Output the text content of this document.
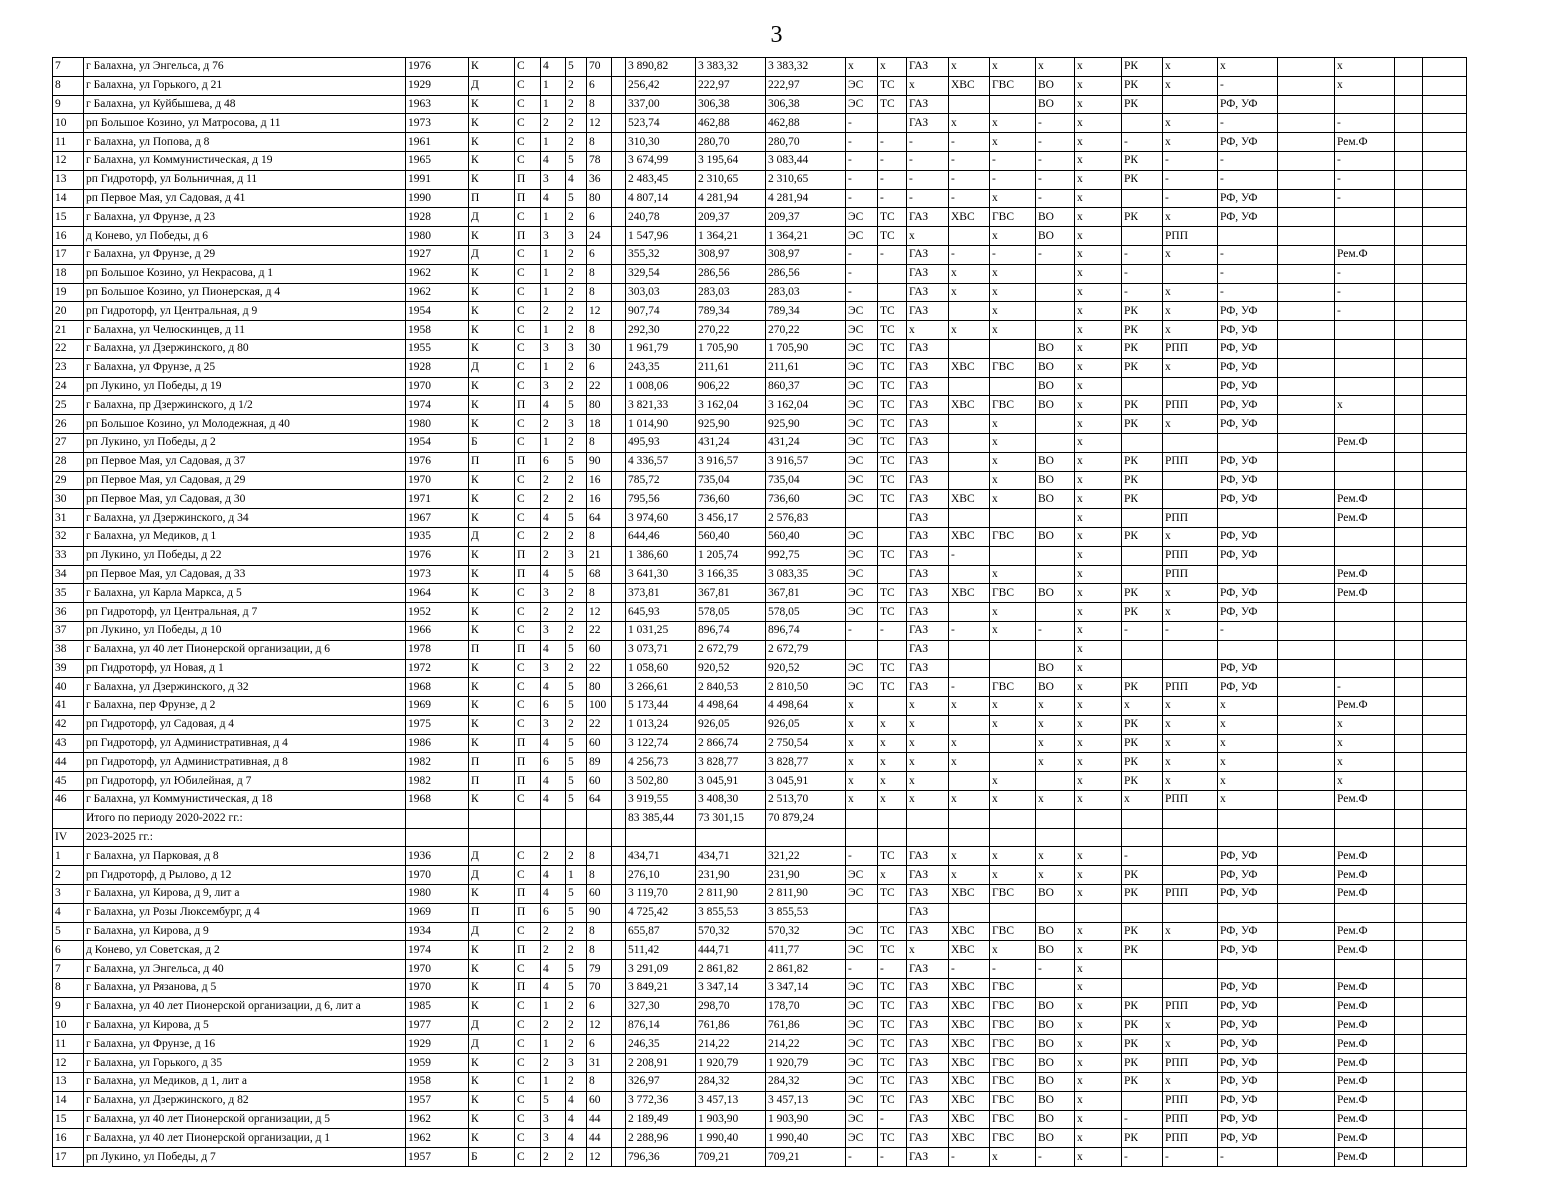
3
7	г Балахна, ул Энгельса, д 76	1976	К	С	4	5	70		3 890,82	3 383,32	3 383,32	х	х	ГАЗ	х	х	х	х	РК	х	х		х		
8	г Балахна, ул Горького, д 21	1929	Д	С	1	2	6		256,42	222,97	222,97	ЭС	ТС	х	ХВС	ГВС	ВО	х	РК	х	-		х		
9	г Балахна, ул Куйбышева, д 48	1963	К	С	1	2	8		337,00	306,38	306,38	ЭС	ТС	ГАЗ			ВО	х	РК		РФ, УФ				
10	рп Большое Козино, ул Матросова, д 11	1973	К	С	2	2	12		523,74	462,88	462,88	-		ГАЗ	х	х	-	х		х	-		-		
11	г Балахна, ул Попова, д 8	1961	К	С	1	2	8		310,30	280,70	280,70	-	-	-	-	х	-	х	-	х	РФ, УФ		Рем.Ф		
12	г Балахна, ул Коммунистическая, д 19	1965	К	С	4	5	78		3 674,99	3 195,64	3 083,44	-	-	-	-	-	-	х	РК	-	-		-		
13	рп Гидроторф, ул Больничная, д 11	1991	К	П	3	4	36		2 483,45	2 310,65	2 310,65	-	-	-	-	-	-	х	РК	-	-		-		
14	рп Первое Мая, ул Садовая, д 41	1990	П	П	4	5	80		4 807,14	4 281,94	4 281,94	-	-	-	-	х	-	х		-	РФ, УФ		-		
15	г Балахна, ул Фрунзе, д 23	1928	Д	С	1	2	6		240,78	209,37	209,37	ЭС	ТС	ГАЗ	ХВС	ГВС	ВО	х	РК	х	РФ, УФ				
16	д Конево, ул Победы, д 6	1980	К	П	3	3	24		1 547,96	1 364,21	1 364,21	ЭС	ТС	х		х	ВО	х		РПП					
17	г Балахна, ул Фрунзе, д 29	1927	Д	С	1	2	6		355,32	308,97	308,97	-	-	ГАЗ	-	-	-	х	-	х	-		Рем.Ф		
18	рп Большое Козино, ул Некрасова, д 1	1962	К	С	1	2	8		329,54	286,56	286,56	-		ГАЗ	х	х		х	-		-		-		
19	рп Большое Козино, ул Пионерская, д 4	1962	К	С	1	2	8		303,03	283,03	283,03	-		ГАЗ	х	х		х	-	х	-		-		
20	рп Гидроторф, ул Центральная, д 9	1954	К	С	2	2	12		907,74	789,34	789,34	ЭС	ТС	ГАЗ		х		х	РК	х	РФ, УФ		-		
21	г Балахна, ул Челюскинцев, д 11	1958	К	С	1	2	8		292,30	270,22	270,22	ЭС	ТС	х	х	х		х	РК	х	РФ, УФ				
22	г Балахна, ул Дзержинского, д 80	1955	К	С	3	3	30		1 961,79	1 705,90	1 705,90	ЭС	ТС	ГАЗ			ВО	х	РК	РПП	РФ, УФ				
23	г Балахна, ул Фрунзе, д 25	1928	Д	С	1	2	6		243,35	211,61	211,61	ЭС	ТС	ГАЗ	ХВС	ГВС	ВО	х	РК	х	РФ, УФ				
24	рп Лукино, ул Победы, д 19	1970	К	С	3	2	22		1 008,06	906,22	860,37	ЭС	ТС	ГАЗ			ВО	х			РФ, УФ				
25	г Балахна, пр Дзержинского, д 1/2	1974	К	П	4	5	80		3 821,33	3 162,04	3 162,04	ЭС	ТС	ГАЗ	ХВС	ГВС	ВО	х	РК	РПП	РФ, УФ		х		
26	рп Большое Козино, ул Молодежная, д 40	1980	К	С	2	3	18		1 014,90	925,90	925,90	ЭС	ТС	ГАЗ		х		х	РК	х	РФ, УФ				
27	рп Лукино, ул Победы, д 2	1954	Б	С	1	2	8		495,93	431,24	431,24	ЭС	ТС	ГАЗ		х		х					Рем.Ф		
28	рп Первое Мая, ул Садовая, д 37	1976	П	П	6	5	90		4 336,57	3 916,57	3 916,57	ЭС	ТС	ГАЗ		х	ВО	х	РК	РПП	РФ, УФ				
29	рп Первое Мая, ул Садовая, д 29	1970	К	С	2	2	16		785,72	735,04	735,04	ЭС	ТС	ГАЗ		х	ВО	х	РК		РФ, УФ				
30	рп Первое Мая, ул Садовая, д 30	1971	К	С	2	2	16		795,56	736,60	736,60	ЭС	ТС	ГАЗ	ХВС	х	ВО	х	РК		РФ, УФ		Рем.Ф		
31	г Балахна, ул Дзержинского, д 34	1967	К	С	4	5	64		3 974,60	3 456,17	2 576,83			ГАЗ				х		РПП			Рем.Ф		
32	г Балахна, ул Медиков, д 1	1935	Д	С	2	2	8		644,46	560,40	560,40	ЭС		ГАЗ	ХВС	ГВС	ВО	х	РК	х	РФ, УФ				
33	рп Лукино, ул Победы, д 22	1976	К	П	2	3	21		1 386,60	1 205,74	992,75	ЭС	ТС	ГАЗ	-			х		РПП	РФ, УФ				
34	рп Первое Мая, ул Садовая, д 33	1973	К	П	4	5	68		3 641,30	3 166,35	3 083,35	ЭС		ГАЗ		х		х		РПП			Рем.Ф		
35	г Балахна, ул Карла Маркса, д 5	1964	К	С	3	2	8		373,81	367,81	367,81	ЭС	ТС	ГАЗ	ХВС	ГВС	ВО	х	РК	х	РФ, УФ		Рем.Ф		
36	рп Гидроторф, ул Центральная, д 7	1952	К	С	2	2	12		645,93	578,05	578,05	ЭС	ТС	ГАЗ		х		х	РК	х	РФ, УФ				
37	рп Лукино, ул Победы, д 10	1966	К	С	3	2	22		1 031,25	896,74	896,74	-	-	ГАЗ	-	х	-	х	-	-	-				
38	г Балахна, ул 40 лет Пионерской организации, д 6	1978	П	П	4	5	60		3 073,71	2 672,79	2 672,79			ГАЗ				х							
39	рп Гидроторф, ул Новая, д 1	1972	К	С	3	2	22		1 058,60	920,52	920,52	ЭС	ТС	ГАЗ			ВО	х			РФ, УФ				
40	г Балахна, ул Дзержинского, д 32	1968	К	С	4	5	80		3 266,61	2 840,53	2 810,50	ЭС	ТС	ГАЗ	-	ГВС	ВО	х	РК	РПП	РФ, УФ		-		
41	г Балахна, пер Фрунзе, д 2	1969	К	С	6	5	100		5 173,44	4 498,64	4 498,64	х		х	х	х	х	х	х	х	х		Рем.Ф		
42	рп Гидроторф, ул Садовая, д 4	1975	К	С	3	2	22		1 013,24	926,05	926,05	х	х	х		х	х	х	РК	х	х		х		
43	рп Гидроторф, ул Административная, д 4	1986	К	П	4	5	60		3 122,74	2 866,74	2 750,54	х	х	х	х		х	х	РК	х	х		х		
44	рп Гидроторф, ул Административная, д 8	1982	П	П	6	5	89		4 256,73	3 828,77	3 828,77	х	х	х	х		х	х	РК	х	х		х		
45	рп Гидроторф, ул Юбилейная, д 7	1982	П	П	4	5	60		3 502,80	3 045,91	3 045,91	х	х	х		х		х	РК	х	х		х		
46	г Балахна, ул Коммунистическая, д 18	1968	К	С	4	5	64		3 919,55	3 408,30	2 513,70	х	х	х	х	х	х	х	х	РПП	х		Рем.Ф		
	Итого по периоду 2020-2022 гг.:								83 385,44	73 301,15	70 879,24														
IV	2023-2025 гг.:																								
1	г Балахна, ул Парковая, д 8	1936	Д	С	2	2	8		434,71	434,71	321,22	-	ТС	ГАЗ	х	х	х	х	-		РФ, УФ		Рем.Ф		
2	рп Гидроторф, д Рылово, д 12	1970	Д	С	4	1	8		276,10	231,90	231,90	ЭС	х	ГАЗ	х	х	х	х	РК		РФ, УФ		Рем.Ф		
3	г Балахна, ул Кирова, д 9, лит а	1980	К	П	4	5	60		3 119,70	2 811,90	2 811,90	ЭС	ТС	ГАЗ	ХВС	ГВС	ВО	х	РК	РПП	РФ, УФ		Рем.Ф		
4	г Балахна, ул Розы Люксембург, д 4	1969	П	П	6	5	90		4 725,42	3 855,53	3 855,53			ГАЗ											
5	г Балахна, ул Кирова, д 9	1934	Д	С	2	2	8		655,87	570,32	570,32	ЭС	ТС	ГАЗ	ХВС	ГВС	ВО	х	РК	х	РФ, УФ		Рем.Ф		
6	д Конево, ул Советская, д 2	1974	К	П	2	2	8		511,42	444,71	411,77	ЭС	ТС	х	ХВС	х	ВО	х	РК		РФ, УФ		Рем.Ф		
7	г Балахна, ул Энгельса, д 40	1970	К	С	4	5	79		3 291,09	2 861,82	2 861,82	-	-	ГАЗ	-	-	-	х							
8	г Балахна, ул Рязанова, д 5	1970	К	П	4	5	70		3 849,21	3 347,14	3 347,14	ЭС	ТС	ГАЗ	ХВС	ГВС		х			РФ, УФ		Рем.Ф		
9	г Балахна, ул 40 лет Пионерской организации, д 6, лит а	1985	К	С	1	2	6		327,30	298,70	178,70	ЭС	ТС	ГАЗ	ХВС	ГВС	ВО	х	РК	РПП	РФ, УФ		Рем.Ф		
10	г Балахна, ул Кирова, д 5	1977	Д	С	2	2	12		876,14	761,86	761,86	ЭС	ТС	ГАЗ	ХВС	ГВС	ВО	х	РК	х	РФ, УФ		Рем.Ф		
11	г Балахна, ул Фрунзе, д 16	1929	Д	С	1	2	6		246,35	214,22	214,22	ЭС	ТС	ГАЗ	ХВС	ГВС	ВО	х	РК	х	РФ, УФ		Рем.Ф		
12	г Балахна, ул Горького, д 35	1959	К	С	2	3	31		2 208,91	1 920,79	1 920,79	ЭС	ТС	ГАЗ	ХВС	ГВС	ВО	х	РК	РПП	РФ, УФ		Рем.Ф		
13	г Балахна, ул Медиков, д 1, лит а	1958	К	С	1	2	8		326,97	284,32	284,32	ЭС	ТС	ГАЗ	ХВС	ГВС	ВО	х	РК	х	РФ, УФ		Рем.Ф		
14	г Балахна, ул Дзержинского, д 82	1957	К	С	5	4	60		3 772,36	3 457,13	3 457,13	ЭС	ТС	ГАЗ	ХВС	ГВС	ВО	х		РПП	РФ, УФ		Рем.Ф		
15	г Балахна, ул 40 лет Пионерской организации, д 5	1962	К	С	3	4	44		2 189,49	1 903,90	1 903,90	ЭС	-	ГАЗ	ХВС	ГВС	ВО	х	-	РПП	РФ, УФ		Рем.Ф		
16	г Балахна, ул 40 лет Пионерской организации, д 1	1962	К	С	3	4	44		2 288,96	1 990,40	1 990,40	ЭС	ТС	ГАЗ	ХВС	ГВС	ВО	х	РК	РПП	РФ, УФ		Рем.Ф		
17	рп Лукино, ул Победы, д 7	1957	Б	С	2	2	12		796,36	709,21	709,21	-	-	ГАЗ	-	х	-	х	-	-	-		Рем.Ф		
